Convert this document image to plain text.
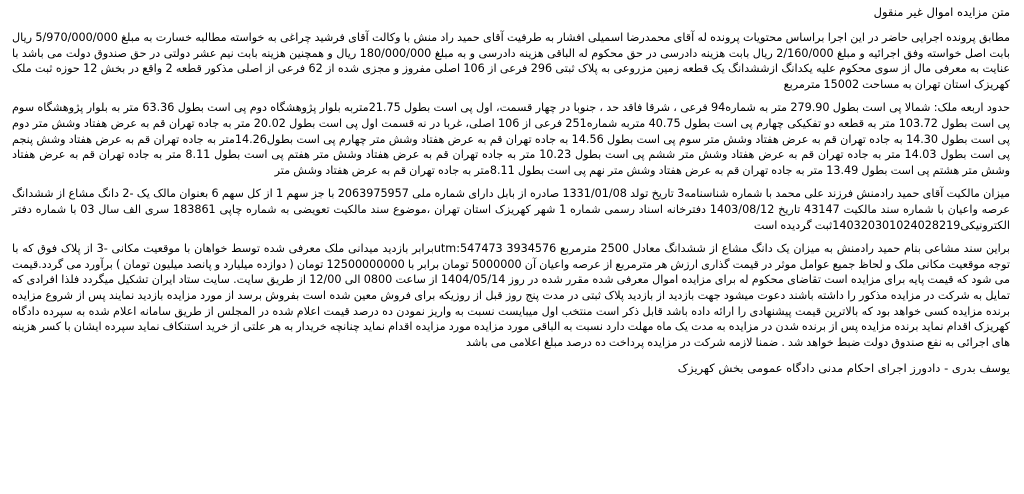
متن مزایده اموال غیر منقول

مطابق پرونده اجرایی حاضر در این اجرا براساس محتویات پرونده له آقای محمدرضا اسمیلی افشار به طرفیت آقای حمید راد منش با وکالت آقای فرشید چراغی به خواسته مطالبه خسارت به مبلغ 5/970/000/000 ریال بابت اصل خواسته وفق اجرائیه و مبلغ 2/160/000 ریال بابت هزینه دادرسی در حق محکوم له الباقی هزینه دادرسی و به مبلغ 180/000/000 ریال و همچنین هزینه بابت نیم عشر دولتی در حق صندوق دولت می باشد با عنایت به معرفی مال از سوی محکوم علیه یکدانگ ازششدانگ یک قطعه زمین مزروعی به پلاک ثبتی 296 فرعی از 106 اصلی مفروز و مجزی شده از 62 فرعی از اصلی مذکور قطعه 2 واقع در بخش 12 حوزه ثبت ملک کهریزک استان تهران به مساحت 15002 مترمربع

حدود اربعه ملک: شمالا پی است بطول 279.90 متر به شماره94 فرعی ، شرقا فاقد حد ، جنوبا در چهار قسمت، اول پی است بطول 21.75متربه بلوار پژوهشگاه دوم پی است بطول 63.36 متر به بلوار پژوهشگاه سوم پی است بطول 103.72 متر به قطعه دو تفکیکی چهارم پی است بطول 40.75 متربه شماره251 فرعی از 106 اصلی، غربا در نه قسمت اول پی است بطول 20.02 متر به جاده تهران قم به عرض هفتاد وشش متر دوم پی است بطول 14.30 به جاده تهران قم به عرض هفتاد وشش متر سوم پی است بطول 14.56 به جاده تهران قم به عرض هفتاد وشش متر چهارم پی است بطول14.26متر به جاده تهران قم به عرض هفتاد وشش پنجم پی است بطول 14.03 متر به جاده تهران قم به عرض هفتاد وشش متر ششم پی است بطول 10.23 متر به جاده تهران قم به عرض هفتاد وشش متر هفتم پی است بطول 8.11 متر به جاده تهران قم به عرض هفتاد وشش متر هشتم پی است بطول 13.49 متر به جاده تهران قم به عرض هفتاد وشش متر نهم پی است بطول 8.11متر به جاده تهران قم به عرض هفتاد وشش متر

میزان مالکیت آقای حمید رادمنش فرزند علی محمد با شماره شناسنامه3 تاریخ تولد 1331/01/08 صادره از بابل دارای شماره ملی 2063975957 با جز سهم 1 از کل سهم 6 بعنوان مالک یک -2 دانگ مشاع از ششدانگ عرصه واعیان با شماره سند مالکیت 43147 تاریخ 1403/08/12 دفترخانه اسناد رسمی شماره 1 شهر کهریزک استان تهران ،موضوع سند مالکیت تعویضی به شماره چاپی 183861 سری الف سال 03 با شماره دفتر الکترونیکی140320301024028219ثبت گردیده است

براین سند مشاعی بنام حمید رادمنش به میزان یک دانگ مشاع از ششدانگ معادل 2500 مترمربع 3934576 utm:547473برابر بازدید میدانی ملک معرفی شده توسط خواهان با موقعیت مکانی -3 از پلاک فوق که با توجه موقعیت مکانی ملک و لحاظ جمیع عوامل موثر در قیمت گذاری ارزش هر مترمربع از عرصه واعیان آن 5000000 تومان برابر با 12500000000 تومان ( دوازده میلیارد و پانصد میلیون تومان ) برآورد می گردد.قیمت می شود که قیمت پایه برای مزایده است تقاضای محکوم له برای مزایده اموال معرفی شده مقرر شده در روز 1404/05/14 از ساعت 0800 الی 12/00 از طریق سایت. سایت ستاد ایران تشکیل میگردد فلذا افرادی که تمایل به شرکت در مزایده مذکور را داشته باشند دعوت میشود جهت بازدید از بازدید پلاک ثبتی در مدت پنج روز قبل از روزیکه برای فروش معین شده است بفروش برسد از مورد مزایده بازدید نمایند پس از شروع مزایده برنده مزایده کسی خواهد بود که بالاترین قیمت پیشنهادی را ارائه داده باشد قابل ذکر است منتخب اول میبایست نسبت به واریز نمودن ده درصد قیمت اعلام شده در المجلس از طریق سامانه اعلام شده به سپرده دادگاه کهریزک اقدام نماید برنده مزایده پس از برنده شدن در مزایده به مدت یک ماه مهلت دارد نسبت به الباقی مورد مزایده مورد مزایده اقدام نماید چنانچه خریدار به هر علتی از خرید استنکاف نماید سپرده ایشان با کسر هزینه های اجرائی به نفع صندوق دولت ضبط خواهد شد . ضمنا لازمه شرکت در مزایده پرداخت ده درصد مبلغ اعلامی می باشد

یوسف بدری - دادورز اجرای احکام مدنی دادگاه عمومی بخش کهریزک
